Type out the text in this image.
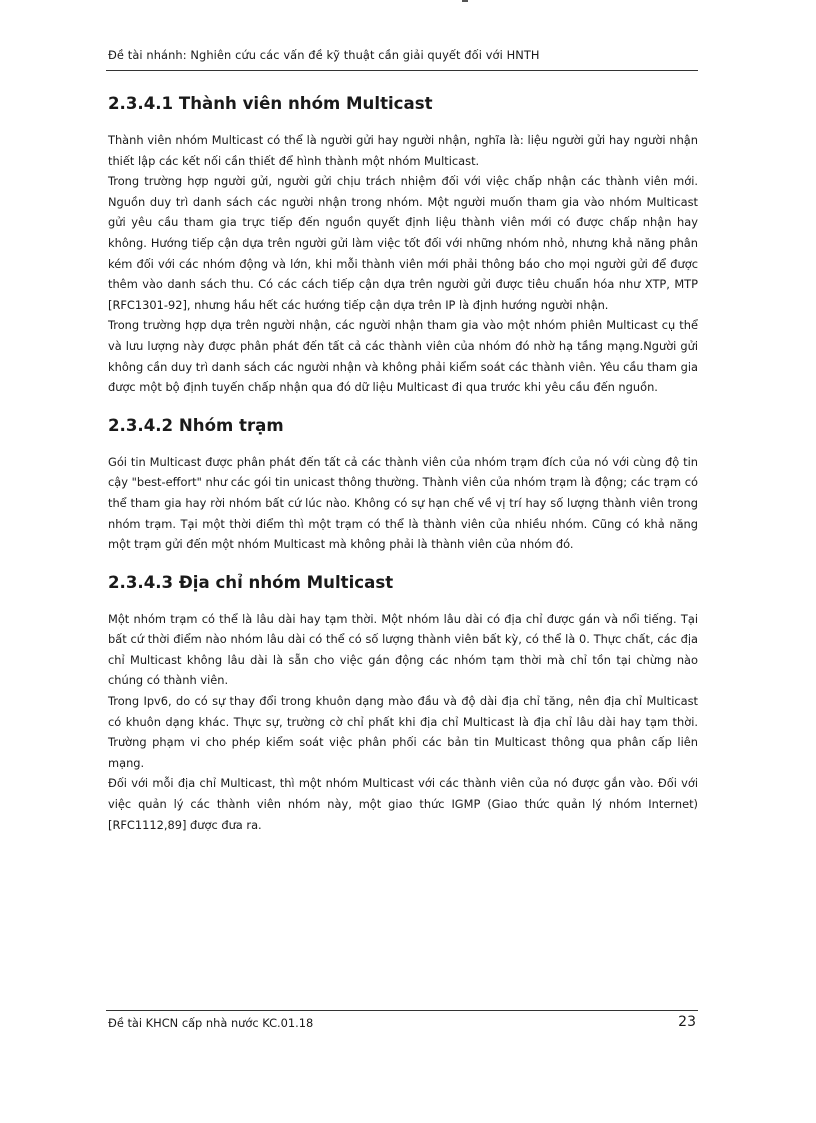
Đề tài nhánh: Nghiên cứu các vấn đề kỹ thuật cần giải quyết đối với HNTH
2.3.4.1 Thành viên nhóm Multicast

Thành viên nhóm Multicast có thể là người gửi hay người nhận, nghĩa là: liệu người gửi hay người nhận thiết lập các kết nối cần thiết để hình thành một nhóm Multicast.

Trong trường hợp người gửi, người gửi chịu trách nhiệm đối với việc chấp nhận các thành viên mới. Nguồn duy trì danh sách các người nhận trong nhóm. Một người muốn tham gia vào nhóm Multicast gửi yêu cầu tham gia trực tiếp đến nguồn quyết định liệu thành viên mới có được chấp nhận hay không. Hướng tiếp cận dựa trên người gửi làm việc tốt đối với những nhóm nhỏ, nhưng khả năng phân kém đối với các nhóm động và lớn, khi mỗi thành viên mới phải thông báo cho mọi người gửi để được thêm vào danh sách thu. Có các cách tiếp cận dựa trên người gửi được tiêu chuẩn hóa như XTP, MTP [RFC1301-92], nhưng hầu hết các hướng tiếp cận dựa trên IP là định hướng người nhận.

Trong trường hợp dựa trên người nhận, các người nhận tham gia vào một nhóm phiên Multicast cụ thể và lưu lượng này được phân phát đến tất cả các thành viên của nhóm đó nhờ hạ tầng mạng.Người gửi không cần duy trì danh sách các người nhận và không phải kiểm soát các thành viên. Yêu cầu tham gia được một bộ định tuyến chấp nhận qua đó dữ liệu Multicast đi qua trước khi yêu cầu đến nguồn.

2.3.4.2 Nhóm trạm

Gói tin Multicast được phân phát đến tất cả các thành viên của nhóm trạm đích của nó với cùng độ tin cậy "best-effort" như các gói tin unicast thông thường. Thành viên của nhóm trạm là động; các trạm có thể tham gia hay rời nhóm bất cứ lúc nào. Không có sự hạn chế về vị trí hay số lượng thành viên trong nhóm trạm. Tại một thời điểm thì một trạm có thể là thành viên của nhiều nhóm. Cũng có khả năng một trạm gửi đến một nhóm Multicast mà không phải là thành viên của nhóm đó.

2.3.4.3 Địa chỉ nhóm Multicast

Một nhóm trạm có thể là lâu dài hay tạm thời. Một nhóm lâu dài có địa chỉ được gán và nổi tiếng. Tại bất cứ thời điểm nào nhóm lâu dài có thể có số lượng thành viên bất kỳ, có thể là 0. Thực chất, các địa chỉ Multicast không lâu dài là sẵn cho việc gán động các nhóm tạm thời mà chỉ tồn tại chừng nào chúng có thành viên.

Trong Ipv6, do có sự thay đổi trong khuôn dạng mào đầu và độ dài địa chỉ tăng, nên địa chỉ Multicast có khuôn dạng khác. Thực sự, trường cờ chỉ phất khi địa chỉ Multicast là địa chỉ lâu dài hay tạm thời. Trường phạm vi cho phép kiểm soát việc phân phối các bản tin Multicast thông qua phân cấp liên mạng.

Đối với mỗi địa chỉ Multicast, thì một nhóm Multicast với các thành viên của nó được gắn vào. Đối với việc quản lý các thành viên nhóm này, một giao thức IGMP (Giao thức quản lý nhóm Internet) [RFC1112,89] được đưa ra.

Đề tài KHCN cấp nhà nước KC.01.18	23
